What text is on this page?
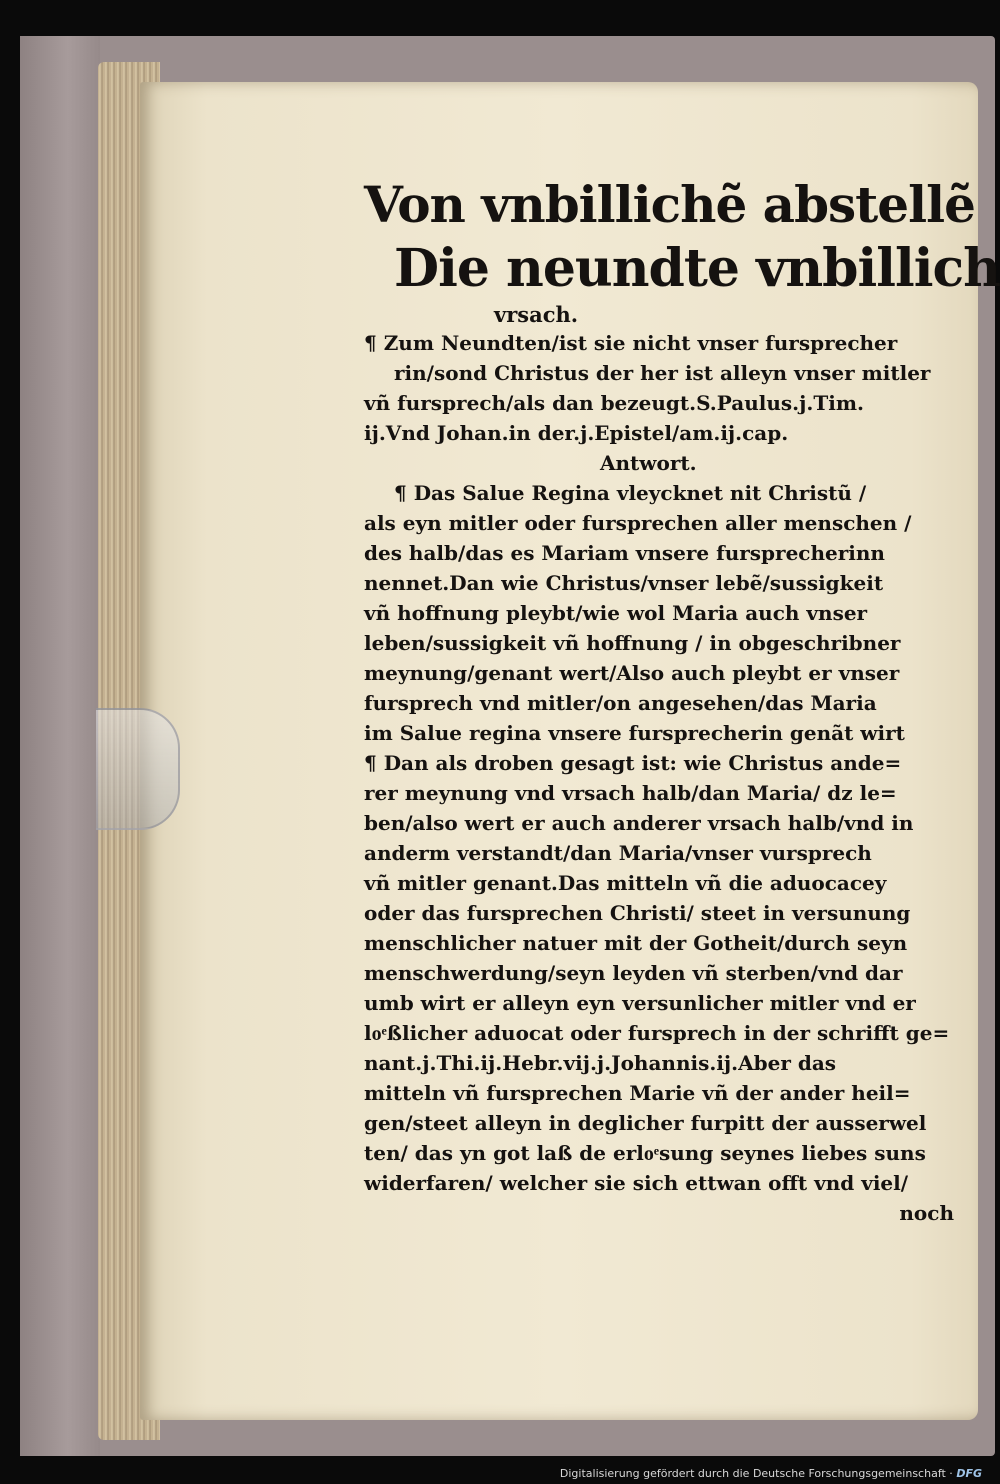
Von vnbillichẽ abstellẽ

Die neundte vnbillich

vrsach.

¶ Zum Neundten/ist sie nicht vnser fursprecher

rin/sond Christus der her ist alleyn vnser mitler

vñ fursprech/als dan bezeugt.S.Paulus.j.Tim.

ij.Vnd Johan.in der.j.Epistel/am.ij.cap.

Antwort.

¶ Das Salue Regina vleycknet nit Christũ /

als eyn mitler oder fursprechen aller menschen /

des halb/das es Mariam vnsere fursprecherinn

nennet.Dan wie Christus/vnser lebẽ/sussigkeit

vñ hoffnung pleybt/wie wol Maria auch vnser

leben/sussigkeit vñ hoffnung / in obgeschribner

meynung/genant wert/Also auch pleybt er vnser

fursprech vnd mitler/on angesehen/das Maria

im Salue regina vnsere fursprecherin genãt wirt

¶ Dan als droben gesagt ist: wie Christus ande=

rer meynung vnd vrsach halb/dan Maria/ dz le=

ben/also wert er auch anderer vrsach halb/vnd in

anderm verstandt/dan Maria/vnser vursprech

vñ mitler genant.Das mitteln vñ die aduocacey

oder das fursprechen Christi/ steet in versunung

menschlicher natuer mit der Gotheit/durch seyn

menschwerdung/seyn leyden vñ sterben/vnd dar

umb wirt er alleyn eyn versunlicher mitler vnd er

loͤßlicher aduocat oder fursprech in der schrifft ge=

nant.j.Thi.ij.Hebr.vij.j.Johannis.ij.Aber das

mitteln vñ fursprechen Marie vñ der ander heil=

gen/steet alleyn in deglicher furpitt der ausserwel

ten/ das yn got laß de erloͤsung seynes liebes suns

widerfaren/ welcher sie sich ettwan offt vnd viel/

noch

Digitalisierung gefördert durch die Deutsche Forschungsgemeinschaft · DFG
